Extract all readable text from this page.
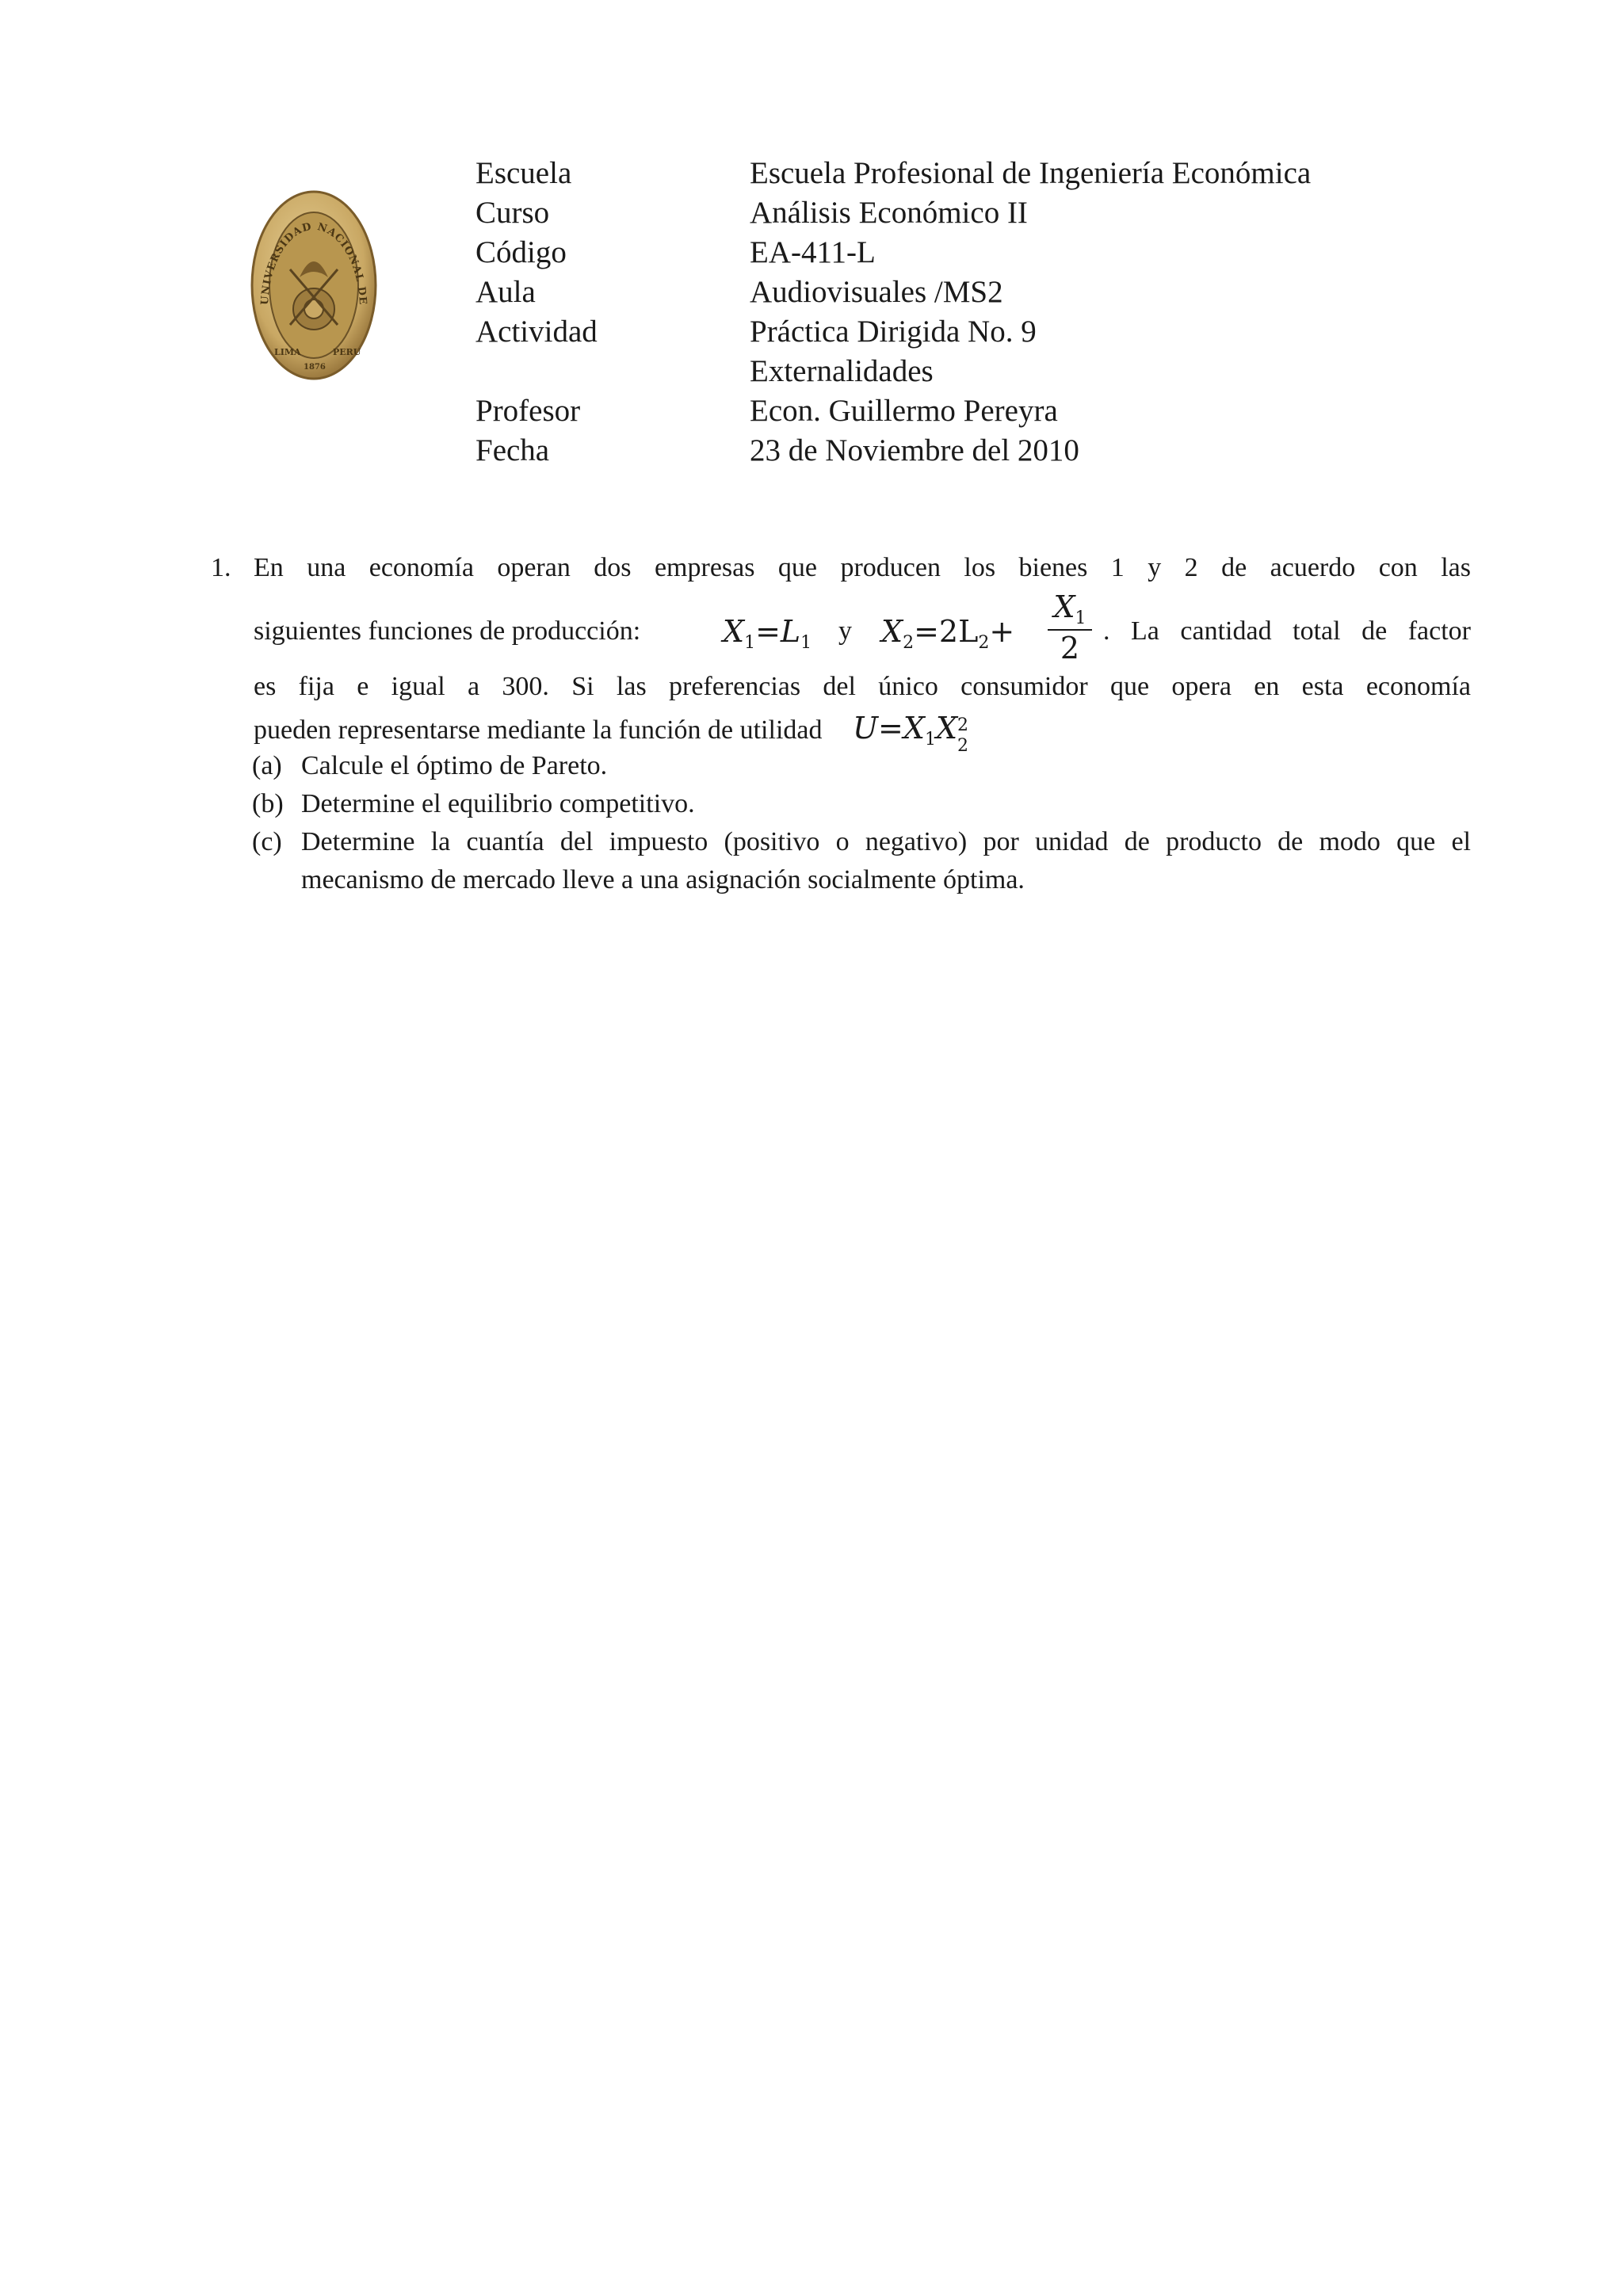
UNIVERSIDAD NACIONAL DE
LIMA	PERU
1876
Escuela	Escuela Profesional de Ingeniería Económica
Curso	Análisis Económico II
Código	EA-411-L
Aula	Audiovisuales /MS2
Actividad	Práctica Dirigida No. 9
Externalidades
Profesor	Econ. Guillermo Pereyra
Fecha	23 de Noviembre del 2010
1. En una economía operan dos empresas que producen los bienes 1 y 2 de acuerdo con las
siguientes funciones de producción:	$X_1=L_1$ y $X_2=2L_2+$
$X_1$
2 . La cantidad total de factor
es fija e igual a 300. Si las preferencias del único consumidor que opera en esta economía
pueden representarse mediante la función de utilidad $U=X_1X$ 2
2
(a) Calcule el óptimo de Pareto.
(b) Determine el equilibrio competitivo.
(c) Determine la cuantía del impuesto (positivo o negativo) por unidad de producto de modo que el
mecanismo de mercado lleve a una asignación socialmente óptima.
